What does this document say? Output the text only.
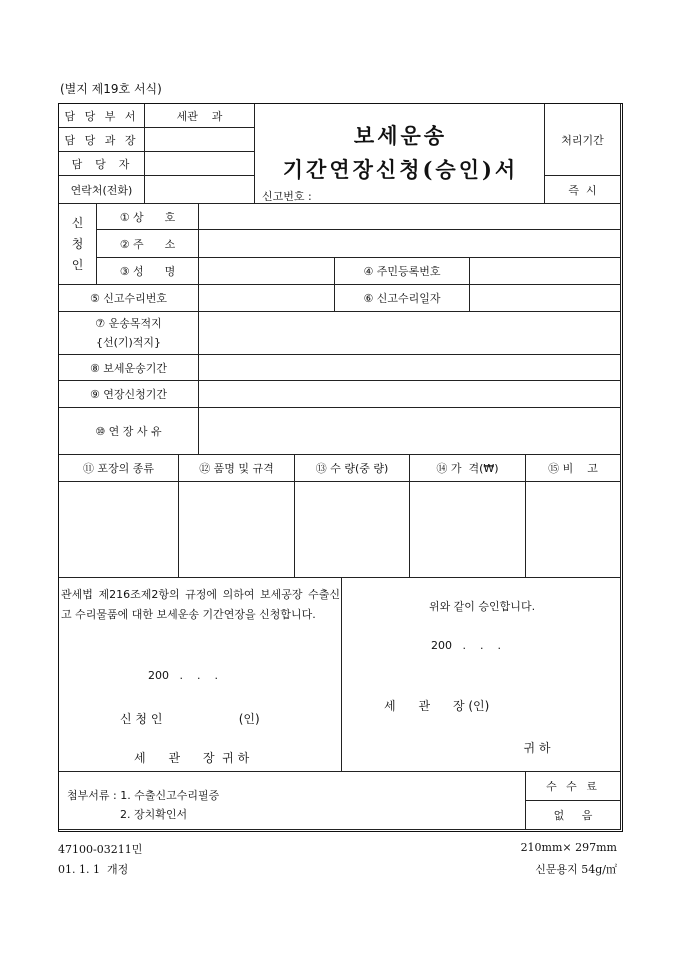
(별지 제19호 서식)
담 당 부 서	세관    과
담 당 과 장
담  당  자
연락처(전화)
보세운송
기간연장신청(승인)서
신고번호 :
처리기간
즉  시
신
청
인
① 상      호
② 주      소
③ 성      명	④ 주민등록번호
⑤ 신고수리번호	⑥ 신고수리일자
⑦ 운송목적지
{선(기)적지}
⑧ 보세운송기간
⑨ 연장신청기간
⑩ 연 장 사 유
⑪ 포장의 종류	⑫ 품명 및 규격	⑬ 수 량(중 량)	⑭ 가  격(₩)	⑮ 비    고
관세법 제216조제2항의 규정에 의하여 보세공장 수출신고 수리물품에 대한 보세운송 기간연장을 신청합니다.
200   .    .    .
신 청 인                    (인)
세      관      장  귀 하
위와 같이 승인합니다.
200   .    .    .
세      관      장 (인)
귀 하
첨부서류 : 1. 수출신고수리필증
2. 장치확인서
수 수 료
없     음
47100-03211민
01. 1. 1  개정
210mm× 297mm
신문용지 54g/㎡
